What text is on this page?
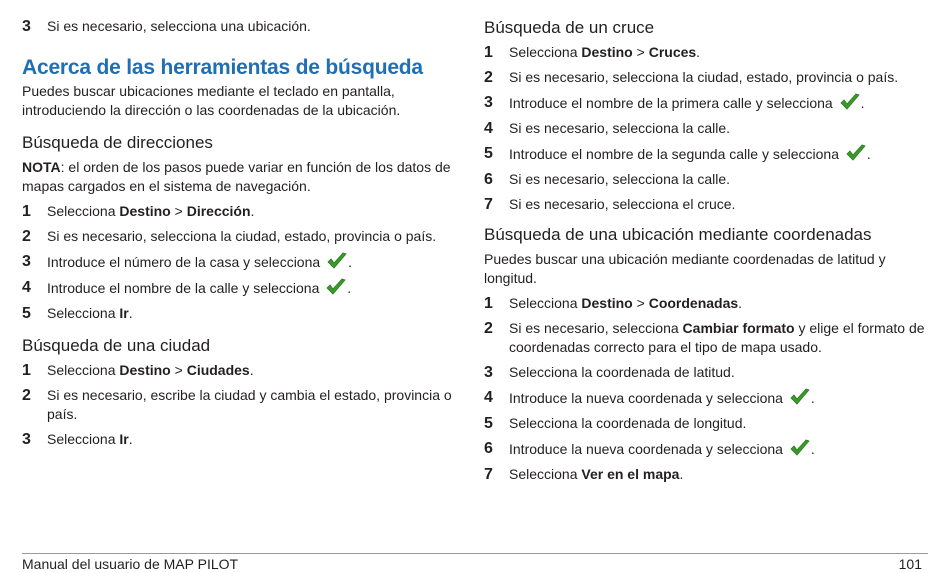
3	Si es necesario, selecciona una ubicación.
Acerca de las herramientas de búsqueda
Puedes buscar ubicaciones mediante el teclado en pantalla, introduciendo la dirección o las coordenadas de la ubicación.
Búsqueda de direcciones
NOTA: el orden de los pasos puede variar en función de los datos de mapas cargados en el sistema de navegación.
1	Selecciona Destino > Dirección.
2	Si es necesario, selecciona la ciudad, estado, provincia o país.
3	Introduce el número de la casa y selecciona .
4	Introduce el nombre de la calle y selecciona .
5	Selecciona Ir.
Búsqueda de una ciudad
1	Selecciona Destino > Ciudades.
2	Si es necesario, escribe la ciudad y cambia el estado, provincia o país.
3	Selecciona Ir.
Búsqueda de un cruce
1	Selecciona Destino > Cruces.
2	Si es necesario, selecciona la ciudad, estado, provincia o país.
3	Introduce el nombre de la primera calle y selecciona .
4	Si es necesario, selecciona la calle.
5	Introduce el nombre de la segunda calle y selecciona .
6	Si es necesario, selecciona la calle.
7	Si es necesario, selecciona el cruce.
Búsqueda de una ubicación mediante coordenadas
Puedes buscar una ubicación mediante coordenadas de latitud y longitud.
1	Selecciona Destino > Coordenadas.
2	Si es necesario, selecciona Cambiar formato y elige el formato de coordenadas correcto para el tipo de mapa usado.
3	Selecciona la coordenada de latitud.
4	Introduce la nueva coordenada y selecciona .
5	Selecciona la coordenada de longitud.
6	Introduce la nueva coordenada y selecciona .
7	Selecciona Ver en el mapa.
Manual del usuario de MAP PILOT	101
